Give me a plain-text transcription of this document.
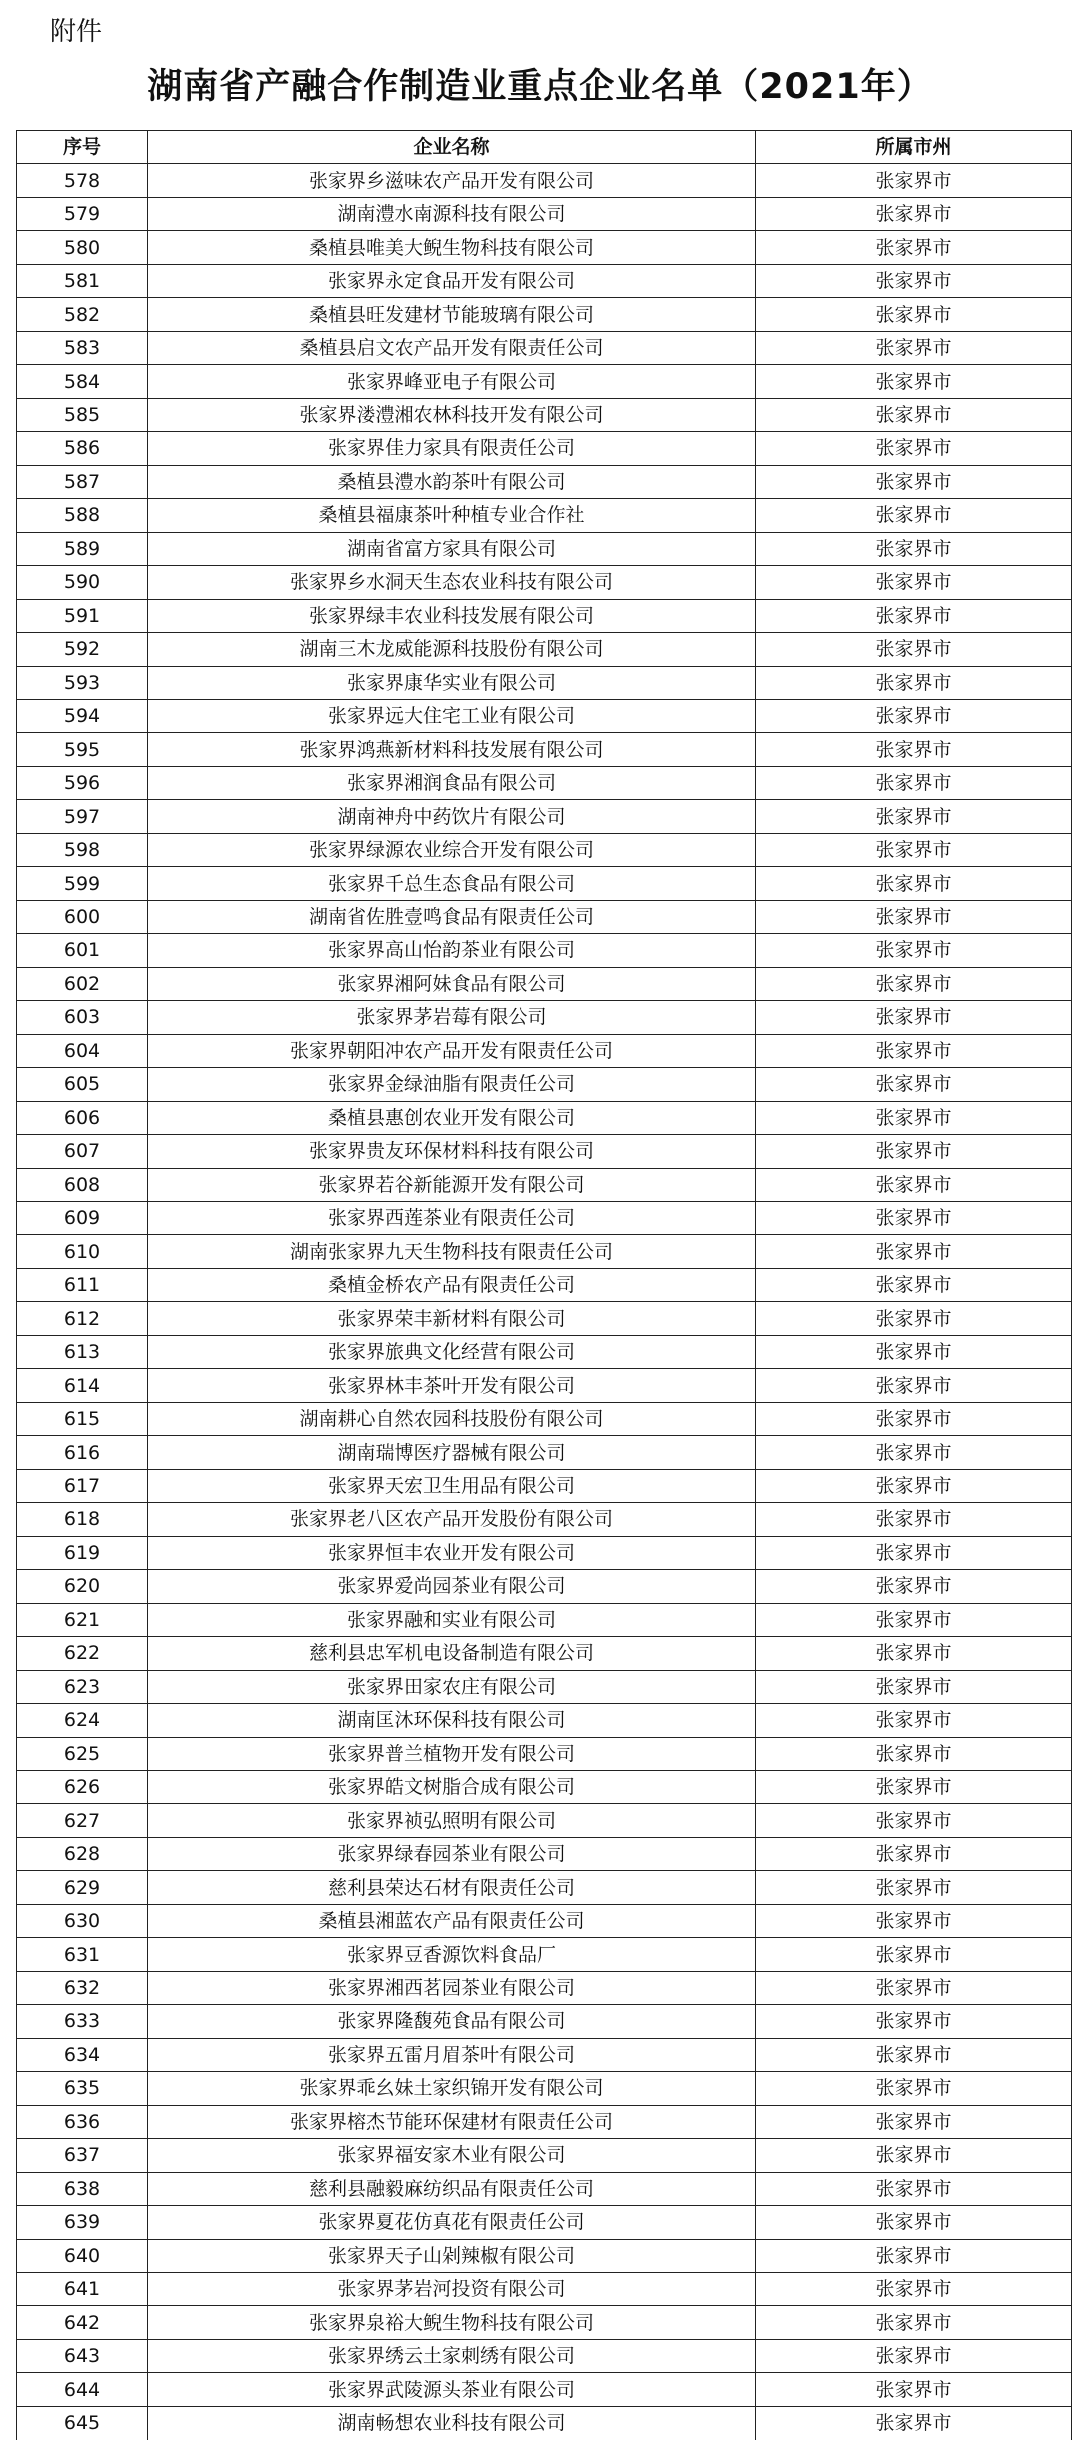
附件
湖南省产融合作制造业重点企业名单（2021年）
序号	企业名称	所属市州
578	张家界乡滋味农产品开发有限公司	张家界市
579	湖南澧水南源科技有限公司	张家界市
580	桑植县唯美大鲵生物科技有限公司	张家界市
581	张家界永定食品开发有限公司	张家界市
582	桑植县旺发建材节能玻璃有限公司	张家界市
583	桑植县启文农产品开发有限责任公司	张家界市
584	张家界峰亚电子有限公司	张家界市
585	张家界溇澧湘农林科技开发有限公司	张家界市
586	张家界佳力家具有限责任公司	张家界市
587	桑植县澧水韵茶叶有限公司	张家界市
588	桑植县福康茶叶种植专业合作社	张家界市
589	湖南省富方家具有限公司	张家界市
590	张家界乡水洞天生态农业科技有限公司	张家界市
591	张家界绿丰农业科技发展有限公司	张家界市
592	湖南三木龙威能源科技股份有限公司	张家界市
593	张家界康华实业有限公司	张家界市
594	张家界远大住宅工业有限公司	张家界市
595	张家界鸿燕新材料科技发展有限公司	张家界市
596	张家界湘润食品有限公司	张家界市
597	湖南神舟中药饮片有限公司	张家界市
598	张家界绿源农业综合开发有限公司	张家界市
599	张家界千总生态食品有限公司	张家界市
600	湖南省佐胜壹鸣食品有限责任公司	张家界市
601	张家界高山怡韵茶业有限公司	张家界市
602	张家界湘阿妹食品有限公司	张家界市
603	张家界茅岩莓有限公司	张家界市
604	张家界朝阳冲农产品开发有限责任公司	张家界市
605	张家界金绿油脂有限责任公司	张家界市
606	桑植县惠创农业开发有限公司	张家界市
607	张家界贵友环保材料科技有限公司	张家界市
608	张家界若谷新能源开发有限公司	张家界市
609	张家界西莲茶业有限责任公司	张家界市
610	湖南张家界九天生物科技有限责任公司	张家界市
611	桑植金桥农产品有限责任公司	张家界市
612	张家界荣丰新材料有限公司	张家界市
613	张家界旅典文化经营有限公司	张家界市
614	张家界林丰茶叶开发有限公司	张家界市
615	湖南耕心自然农园科技股份有限公司	张家界市
616	湖南瑞博医疗器械有限公司	张家界市
617	张家界天宏卫生用品有限公司	张家界市
618	张家界老八区农产品开发股份有限公司	张家界市
619	张家界恒丰农业开发有限公司	张家界市
620	张家界爱尚园茶业有限公司	张家界市
621	张家界融和实业有限公司	张家界市
622	慈利县忠军机电设备制造有限公司	张家界市
623	张家界田家农庄有限公司	张家界市
624	湖南匡沐环保科技有限公司	张家界市
625	张家界普兰植物开发有限公司	张家界市
626	张家界皓文树脂合成有限公司	张家界市
627	张家界祯弘照明有限公司	张家界市
628	张家界绿春园茶业有限公司	张家界市
629	慈利县荣达石材有限责任公司	张家界市
630	桑植县湘蓝农产品有限责任公司	张家界市
631	张家界豆香源饮料食品厂	张家界市
632	张家界湘西茗园茶业有限公司	张家界市
633	张家界隆馥苑食品有限公司	张家界市
634	张家界五雷月眉茶叶有限公司	张家界市
635	张家界乖幺妹土家织锦开发有限公司	张家界市
636	张家界榕杰节能环保建材有限责任公司	张家界市
637	张家界福安家木业有限公司	张家界市
638	慈利县融毅麻纺织品有限责任公司	张家界市
639	张家界夏花仿真花有限责任公司	张家界市
640	张家界天子山剁辣椒有限公司	张家界市
641	张家界茅岩河投资有限公司	张家界市
642	张家界泉裕大鲵生物科技有限公司	张家界市
643	张家界绣云土家刺绣有限公司	张家界市
644	张家界武陵源头茶业有限公司	张家界市
645	湖南畅想农业科技有限公司	张家界市
